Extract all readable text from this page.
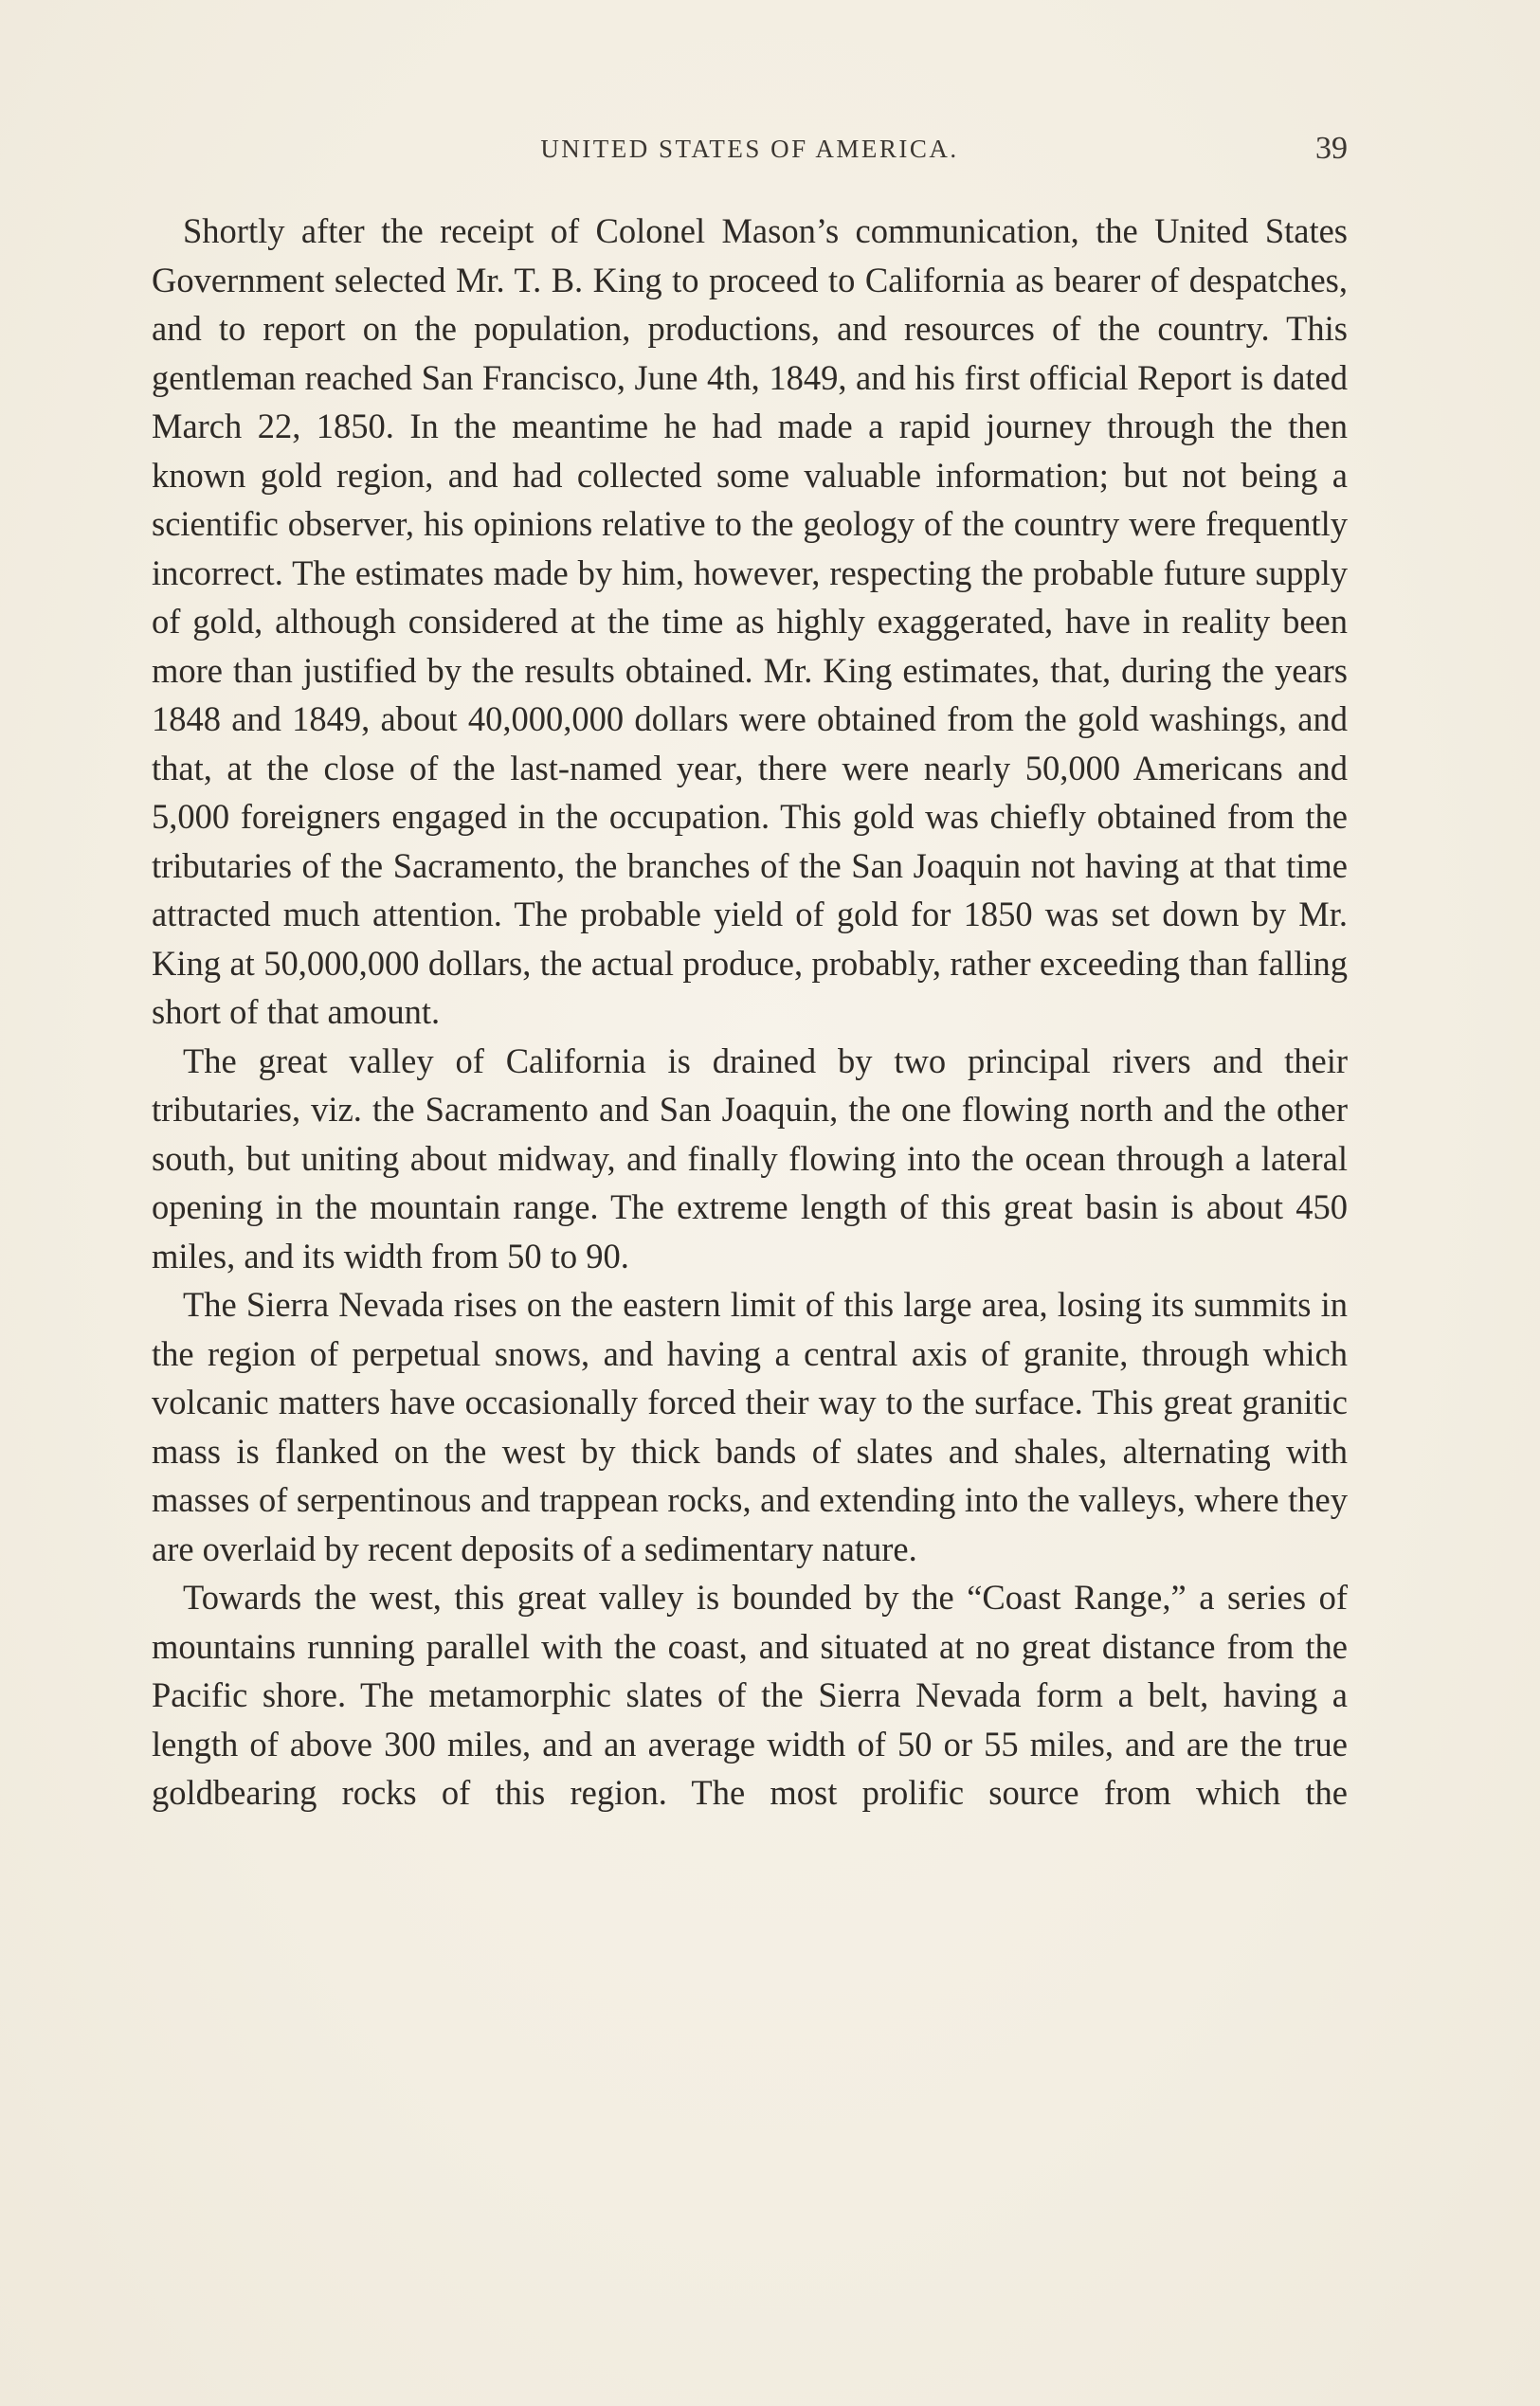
UNITED STATES OF AMERICA.	39

Shortly after the receipt of Colonel Mason’s communication, the United States Government selected Mr. T. B. King to proceed to California as bearer of despatches, and to report on the population, productions, and resources of the country. This gentleman reached San Francisco, June 4th, 1849, and his first official Report is dated March 22, 1850. In the meantime he had made a rapid journey through the then known gold region, and had collected some valuable information; but not being a scientific observer, his opinions relative to the geology of the country were frequently incorrect. The estimates made by him, however, respecting the probable future supply of gold, although considered at the time as highly exaggerated, have in reality been more than justified by the results obtained. Mr. King estimates, that, during the years 1848 and 1849, about 40,000,000 dollars were obtained from the gold washings, and that, at the close of the last-named year, there were nearly 50,000 Americans and 5,000 foreigners engaged in the occupation. This gold was chiefly obtained from the tributaries of the Sacramento, the branches of the San Joaquin not having at that time attracted much attention. The probable yield of gold for 1850 was set down by Mr. King at 50,000,000 dollars, the actual produce, probably, rather exceeding than falling short of that amount.

The great valley of California is drained by two principal rivers and their tributaries, viz. the Sacramento and San Joaquin, the one flowing north and the other south, but uniting about midway, and finally flowing into the ocean through a lateral opening in the mountain range. The extreme length of this great basin is about 450 miles, and its width from 50 to 90.

The Sierra Nevada rises on the eastern limit of this large area, losing its summits in the region of perpetual snows, and having a central axis of granite, through which volcanic matters have occasionally forced their way to the surface. This great granitic mass is flanked on the west by thick bands of slates and shales, alternating with masses of serpentinous and trappean rocks, and extending into the valleys, where they are overlaid by recent deposits of a sedimentary nature.

Towards the west, this great valley is bounded by the “Coast Range,” a series of mountains running parallel with the coast, and situated at no great distance from the Pacific shore. The metamorphic slates of the Sierra Nevada form a belt, having a length of above 300 miles, and an average width of 50 or 55 miles, and are the true goldbearing rocks of this region. The most prolific source from which the
